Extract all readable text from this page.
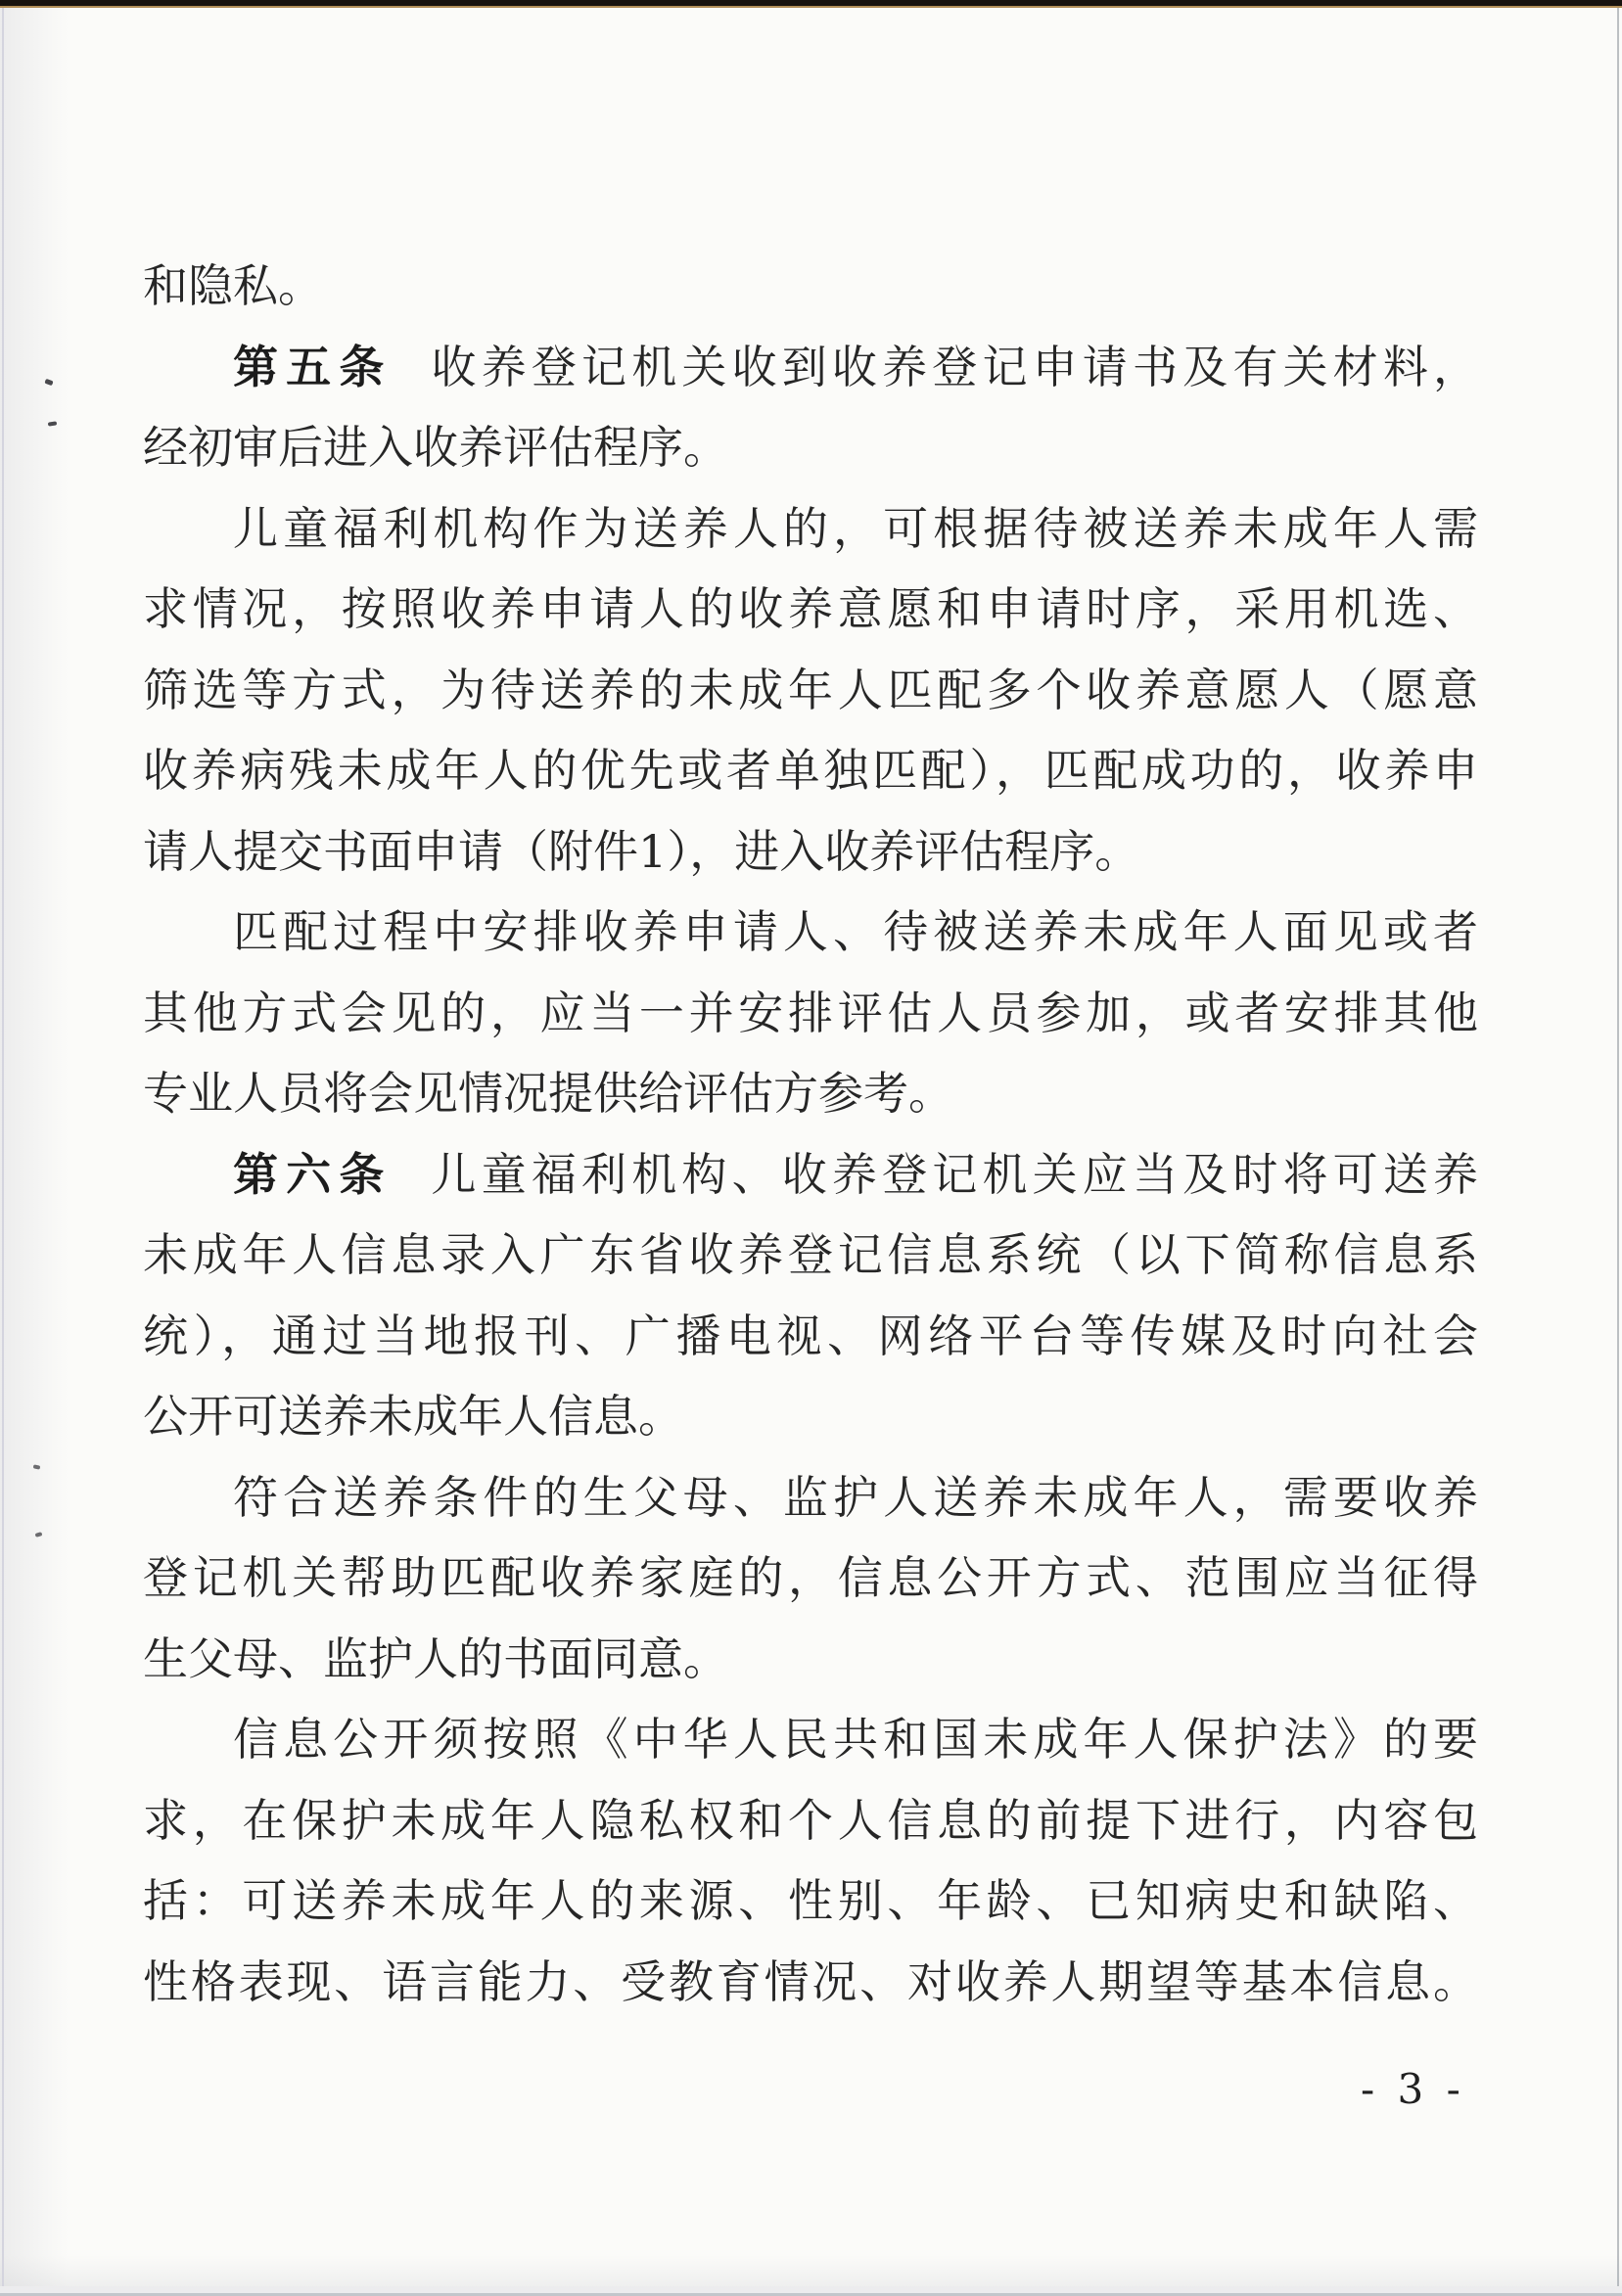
和隐私。
第五条 收养登记机关收到收养登记申请书及有关材料，
经初审后进入收养评估程序。
儿童福利机构作为送养人的，可根据待被送养未成年人需
求情况，按照收养申请人的收养意愿和申请时序，采用机选、
筛选等方式，为待送养的未成年人匹配多个收养意愿人（愿意
收养病残未成年人的优先或者单独匹配），匹配成功的，收养申
请人提交书面申请（附件1），进入收养评估程序。
匹配过程中安排收养申请人、待被送养未成年人面见或者
其他方式会见的，应当一并安排评估人员参加，或者安排其他
专业人员将会见情况提供给评估方参考。
第六条 儿童福利机构、收养登记机关应当及时将可送养
未成年人信息录入广东省收养登记信息系统（以下简称信息系
统），通过当地报刊、广播电视、网络平台等传媒及时向社会
公开可送养未成年人信息。
符合送养条件的生父母、监护人送养未成年人，需要收养
登记机关帮助匹配收养家庭的，信息公开方式、范围应当征得
生父母、监护人的书面同意。
信息公开须按照《中华人民共和国未成年人保护法》的要
求，在保护未成年人隐私权和个人信息的前提下进行，内容包
括：可送养未成年人的来源、性别、年龄、已知病史和缺陷、
性格表现、语言能力、受教育情况、对收养人期望等基本信息。
- 3 -
